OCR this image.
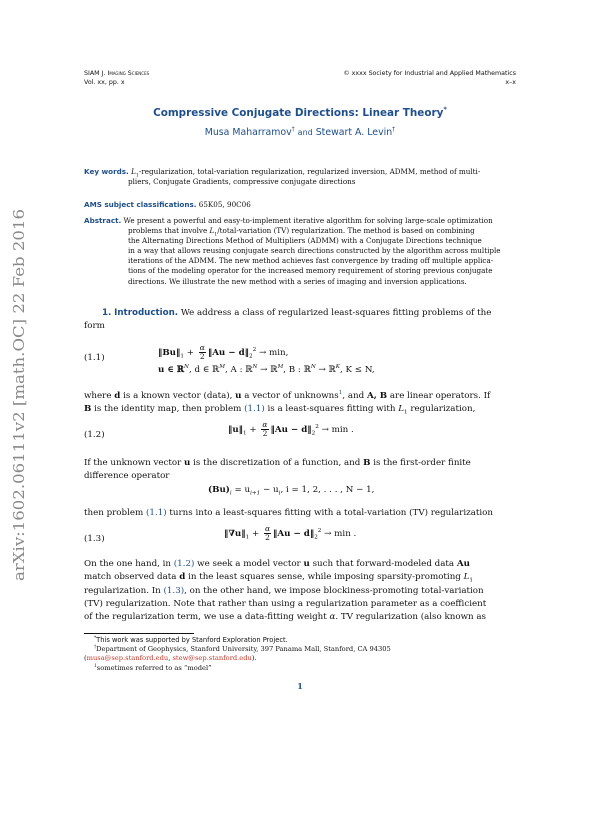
arXiv:1602.06111v2 [math.OC] 22 Feb 2016
SIAM J. Imaging Sciences
Vol. xx, pp. x
© xxxx Society for Industrial and Applied Mathematics
x–x
Compressive Conjugate Directions: Linear Theory*
Musa Maharramov† and Stewart A. Levin†
Key words. $L_1$-regularization, total-variation regularization, regularized inversion, ADMM, method of multi-
pliers, Conjugate Gradients, compressive conjugate directions
AMS subject classifications. 65K05, 90C06
Abstract. We present a powerful and easy-to-implement iterative algorithm for solving large-scale optimization
problems that involve $L_1/total$-variation (TV) regularization. The method is based on combining
the Alternating Directions Method of Multipliers (ADMM) with a Conjugate Directions technique
in a way that allows reusing conjugate search directions constructed by the algorithm across multiple
iterations of the ADMM. The new method achieves fast convergence by trading off multiple applica-
tions of the modeling operator for the increased memory requirement of storing previous conjugate
directions. We illustrate the new method with a series of imaging and inversion applications.
1. Introduction. We address a class of regularized least-squares fitting problems of the
form
(1.1)	$‖Bu‖_1 + \frac{\alpha}{2}$ ‖Au − $d‖_2^2 \to \min$,
u ∈ ℝ$^N$, d ∈ ℝ$^M$, A : ℝ$^N$ → ℝ$^M$, B : ℝ$^N$ → ℝ$^K$, K ≤ N,
where d is a known vector (data), u a vector of unknowns$^1$, and A, B are linear operators. If
B is the identity map, then problem (1.1) is a least-squares fitting with $L_1$ regularization,
(1.2)	$‖u‖_1 + \frac{\alpha}{2}$ ‖Au − $d‖_2^2 \to \min$ .
If the unknown vector u is the discretization of a function, and B is the first-order finite
difference operator
$(Bu)_i = u_{i+1} - u_i$, i = 1, 2, . . . , N − 1,
then problem (1.1) turns into a least-squares fitting with a total-variation (TV) regularization
(1.3)	$‖\nabla u‖_1 + \frac{\alpha}{2}$ ‖Au − $d‖_2^2 \to \min$ .
On the one hand, in (1.2) we seek a model vector u such that forward-modeled data Au
match observed data d in the least squares sense, while imposing sparsity-promoting $L_1$
regularization. In (1.3), on the other hand, we impose blockiness-promoting total-variation
(TV) regularization. Note that rather than using a regularization parameter as a coefficient
of the regularization term, we use a data-fitting weight α. TV regularization (also known as
*This work was supported by Stanford Exploration Project.
†Department of Geophysics, Stanford University, 397 Panama Mall, Stanford, CA 94305
(musa@sep.stanford.edu, stew@sep.stanford.edu).
$^1$sometimes referred to as “model”
1
